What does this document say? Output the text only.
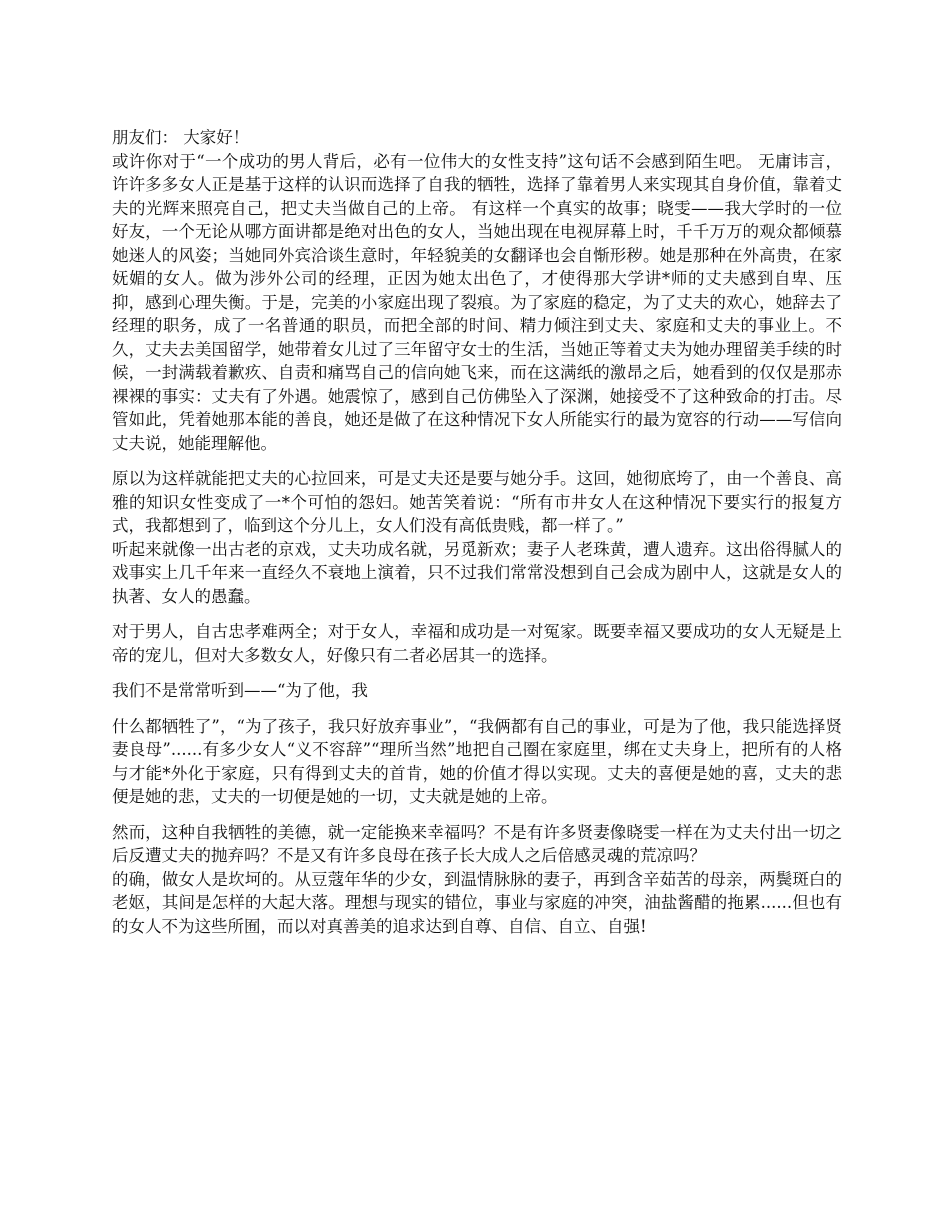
朋友们： 大家好！

或许你对于“一个成功的男人背后，必有一位伟大的女性支持”这句话不会感到陌生吧。 无庸讳言，许许多多女人正是基于这样的认识而选择了自我的牺牲，选择了靠着男人来实现其自身价值，靠着丈夫的光辉来照亮自己，把丈夫当做自己的上帝。 有这样一个真实的故事；晓雯——我大学时的一位好友，一个无论从哪方面讲都是绝对出色的女人，当她出现在电视屏幕上时，千千万万的观众都倾慕她迷人的风姿；当她同外宾洽谈生意时，年轻貌美的女翻译也会自惭形秽。她是那种在外高贵，在家妩媚的女人。做为涉外公司的经理，正因为她太出色了，才使得那大学讲*师的丈夫感到自卑、压抑，感到心理失衡。于是，完美的小家庭出现了裂痕。为了家庭的稳定，为了丈夫的欢心，她辞去了经理的职务，成了一名普通的职员，而把全部的时间、精力倾注到丈夫、家庭和丈夫的事业上。不久，丈夫去美国留学，她带着女儿过了三年留守女士的生活，当她正等着丈夫为她办理留美手续的时候，一封满载着歉疚、自责和痛骂自己的信向她飞来，而在这满纸的激昂之后，她看到的仅仅是那赤裸裸的事实：丈夫有了外遇。她震惊了，感到自己仿佛坠入了深渊，她接受不了这种致命的打击。尽管如此，凭着她那本能的善良，她还是做了在这种情况下女人所能实行的最为宽容的行动——写信向丈夫说，她能理解他。

原以为这样就能把丈夫的心拉回来，可是丈夫还是要与她分手。这回，她彻底垮了，由一个善良、高雅的知识女性变成了一*个可怕的怨妇。她苦笑着说：“所有市井女人在这种情况下要实行的报复方式，我都想到了，临到这个分儿上，女人们没有高低贵贱，都一样了。”

听起来就像一出古老的京戏，丈夫功成名就，另觅新欢；妻子人老珠黄，遭人遗弃。这出俗得腻人的戏事实上几千年来一直经久不衰地上演着，只不过我们常常没想到自己会成为剧中人，这就是女人的执著、女人的愚蠢。

对于男人，自古忠孝难两全；对于女人，幸福和成功是一对冤家。既要幸福又要成功的女人无疑是上帝的宠儿，但对大多数女人，好像只有二者必居其一的选择。

我们不是常常听到——“为了他，我

什么都牺牲了”，“为了孩子，我只好放弃事业”，“我俩都有自己的事业，可是为了他，我只能选择贤妻良母”......有多少女人“义不容辞”“理所当然”地把自己圈在家庭里，绑在丈夫身上，把所有的人格与才能*外化于家庭，只有得到丈夫的首肯，她的价值才得以实现。丈夫的喜便是她的喜，丈夫的悲便是她的悲，丈夫的一切便是她的一切，丈夫就是她的上帝。

然而，这种自我牺牲的美德，就一定能换来幸福吗？不是有许多贤妻像晓雯一样在为丈夫付出一切之后反遭丈夫的抛弃吗？不是又有许多良母在孩子长大成人之后倍感灵魂的荒凉吗？

的确，做女人是坎坷的。从豆蔻年华的少女，到温情脉脉的妻子，再到含辛茹苦的母亲，两鬓斑白的老妪，其间是怎样的大起大落。理想与现实的错位，事业与家庭的冲突，油盐酱醋的拖累......但也有的女人不为这些所囿，而以对真善美的追求达到自尊、自信、自立、自强!
